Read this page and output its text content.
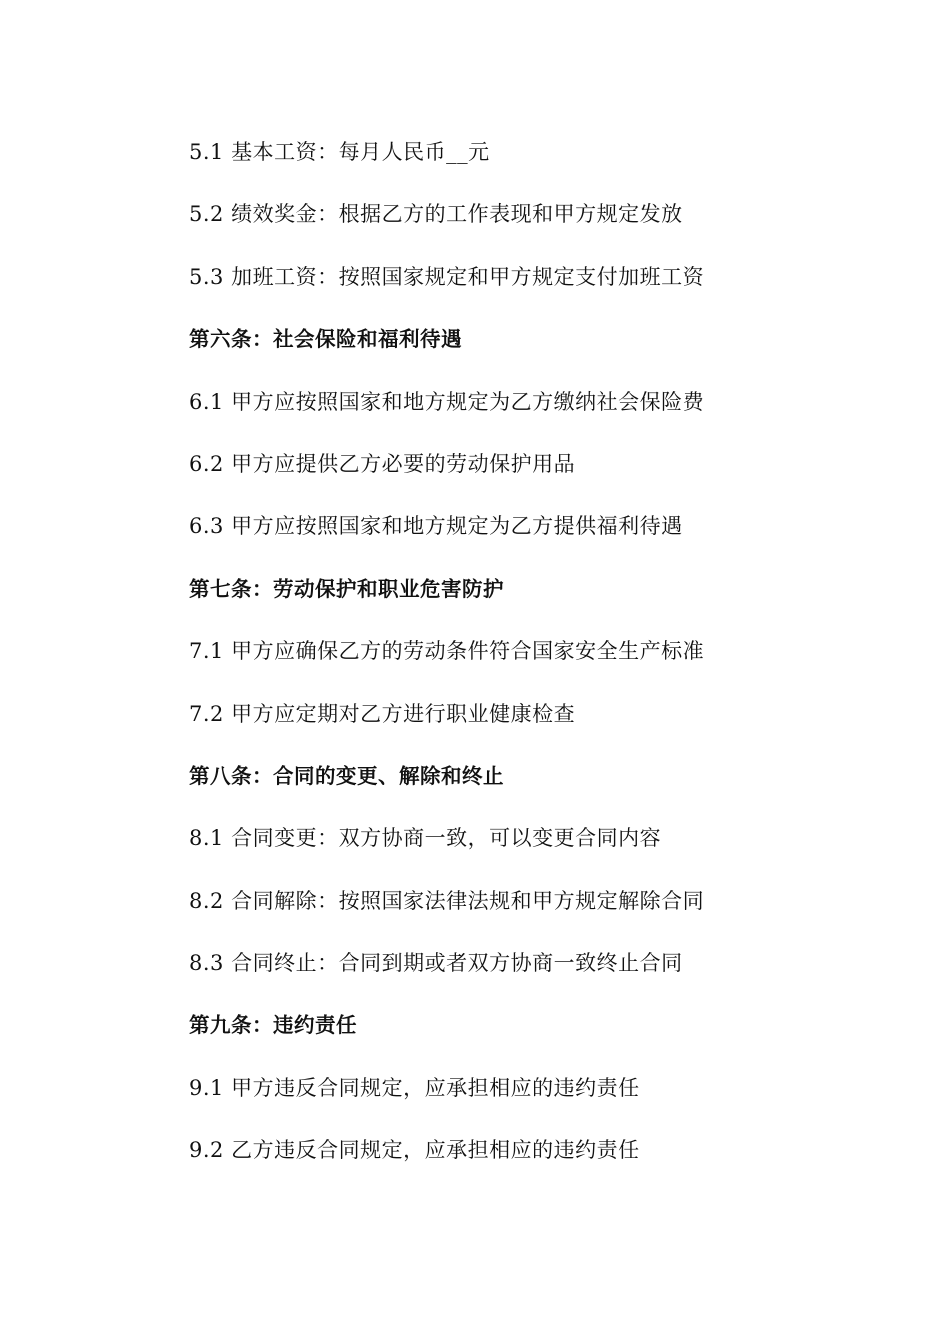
5.1 基本工资：每月人民币__元
5.2 绩效奖金：根据乙方的工作表现和甲方规定发放
5.3 加班工资：按照国家规定和甲方规定支付加班工资
第六条：社会保险和福利待遇
6.1 甲方应按照国家和地方规定为乙方缴纳社会保险费
6.2 甲方应提供乙方必要的劳动保护用品
6.3 甲方应按照国家和地方规定为乙方提供福利待遇
第七条：劳动保护和职业危害防护
7.1 甲方应确保乙方的劳动条件符合国家安全生产标准
7.2 甲方应定期对乙方进行职业健康检查
第八条：合同的变更、解除和终止
8.1 合同变更：双方协商一致，可以变更合同内容
8.2 合同解除：按照国家法律法规和甲方规定解除合同
8.3 合同终止：合同到期或者双方协商一致终止合同
第九条：违约责任
9.1 甲方违反合同规定，应承担相应的违约责任
9.2 乙方违反合同规定，应承担相应的违约责任
